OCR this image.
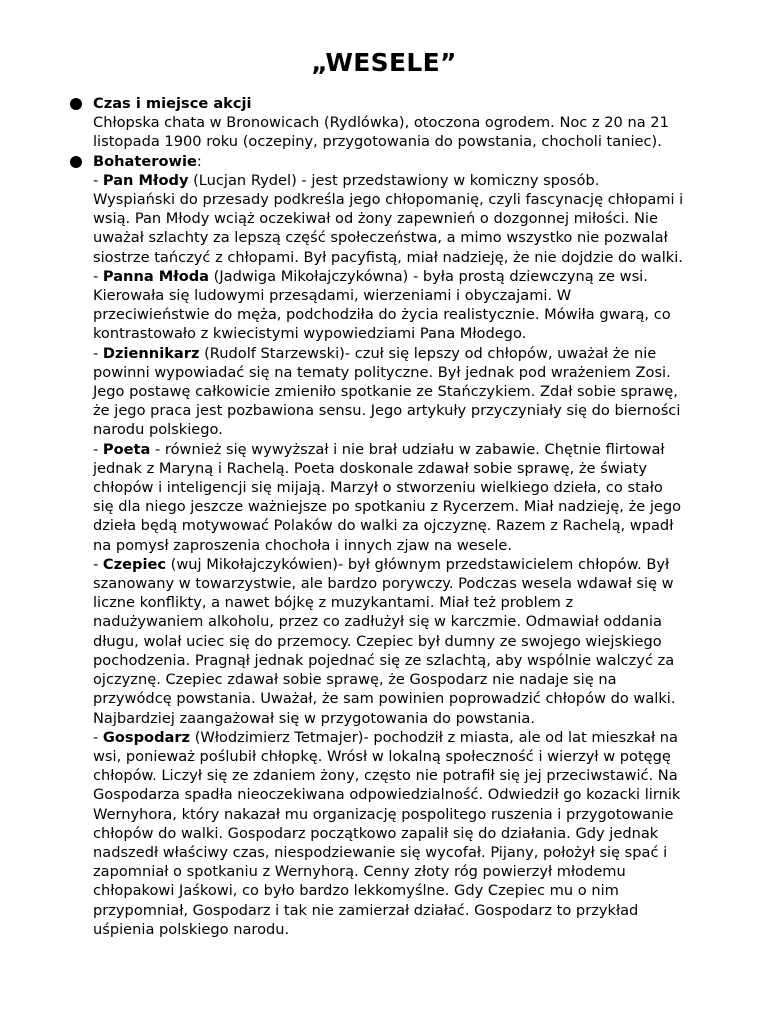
„WESELE”
Czas i miejsce akcji
Chłopska chata w Bronowicach (Rydlówka), otoczona ogrodem. Noc z 20 na 21
listopada 1900 roku (oczepiny, przygotowania do powstania, chocholi taniec).
Bohaterowie:
- Pan Młody (Lucjan Rydel) - jest przedstawiony w komiczny sposób.
Wyspiański do przesady podkreśla jego chłopomanię, czyli fascynację chłopami i
wsią. Pan Młody wciąż oczekiwał od żony zapewnień o dozgonnej miłości. Nie
uważał szlachty za lepszą część społeczeństwa, a mimo wszystko nie pozwalał
siostrze tańczyć z chłopami. Był pacyfistą, miał nadzieję, że nie dojdzie do walki.
- Panna Młoda (Jadwiga Mikołajczykówna) - była prostą dziewczyną ze wsi.
Kierowała się ludowymi przesądami, wierzeniami i obyczajami. W
przeciwieństwie do męża, podchodziła do życia realistycznie. Mówiła gwarą, co
kontrastowało z kwiecistymi wypowiedziami Pana Młodego.
- Dziennikarz (Rudolf Starzewski)- czuł się lepszy od chłopów, uważał że nie
powinni wypowiadać się na tematy polityczne. Był jednak pod wrażeniem Zosi.
Jego postawę całkowicie zmieniło spotkanie ze Stańczykiem. Zdał sobie sprawę,
że jego praca jest pozbawiona sensu. Jego artykuły przyczyniały się do bierności
narodu polskiego.
- Poeta - również się wywyższał i nie brał udziału w zabawie. Chętnie flirtował
jednak z Maryną i Rachelą. Poeta doskonale zdawał sobie sprawę, że światy
chłopów i inteligencji się mijają. Marzył o stworzeniu wielkiego dzieła, co stało
się dla niego jeszcze ważniejsze po spotkaniu z Rycerzem. Miał nadzieję, że jego
dzieła będą motywować Polaków do walki za ojczyznę. Razem z Rachelą, wpadł
na pomysł zaproszenia chochoła i innych zjaw na wesele.
- Czepiec (wuj Mikołajczykówien)- był głównym przedstawicielem chłopów. Był
szanowany w towarzystwie, ale bardzo porywczy. Podczas wesela wdawał się w
liczne konflikty, a nawet bójkę z muzykantami. Miał też problem z
nadużywaniem alkoholu, przez co zadłużył się w karczmie. Odmawiał oddania
długu, wolał uciec się do przemocy. Czepiec był dumny ze swojego wiejskiego
pochodzenia. Pragnął jednak pojednać się ze szlachtą, aby wspólnie walczyć za
ojczyznę. Czepiec zdawał sobie sprawę, że Gospodarz nie nadaje się na
przywódcę powstania. Uważał, że sam powinien poprowadzić chłopów do walki.
Najbardziej zaangażował się w przygotowania do powstania.
- Gospodarz (Włodzimierz Tetmajer)- pochodził z miasta, ale od lat mieszkał na
wsi, ponieważ poślubił chłopkę. Wrósł w lokalną społeczność i wierzył w potęgę
chłopów. Liczył się ze zdaniem żony, często nie potrafił się jej przeciwstawić. Na
Gospodarza spadła nieoczekiwana odpowiedzialność. Odwiedził go kozacki lirnik
Wernyhora, który nakazał mu organizację pospolitego ruszenia i przygotowanie
chłopów do walki. Gospodarz początkowo zapalił się do działania. Gdy jednak
nadszedł właściwy czas, niespodziewanie się wycofał. Pijany, położył się spać i
zapomniał o spotkaniu z Wernyhorą. Cenny złoty róg powierzył młodemu
chłopakowi Jaśkowi, co było bardzo lekkomyślne. Gdy Czepiec mu o nim
przypomniał, Gospodarz i tak nie zamierzał działać. Gospodarz to przykład
uśpienia polskiego narodu.
